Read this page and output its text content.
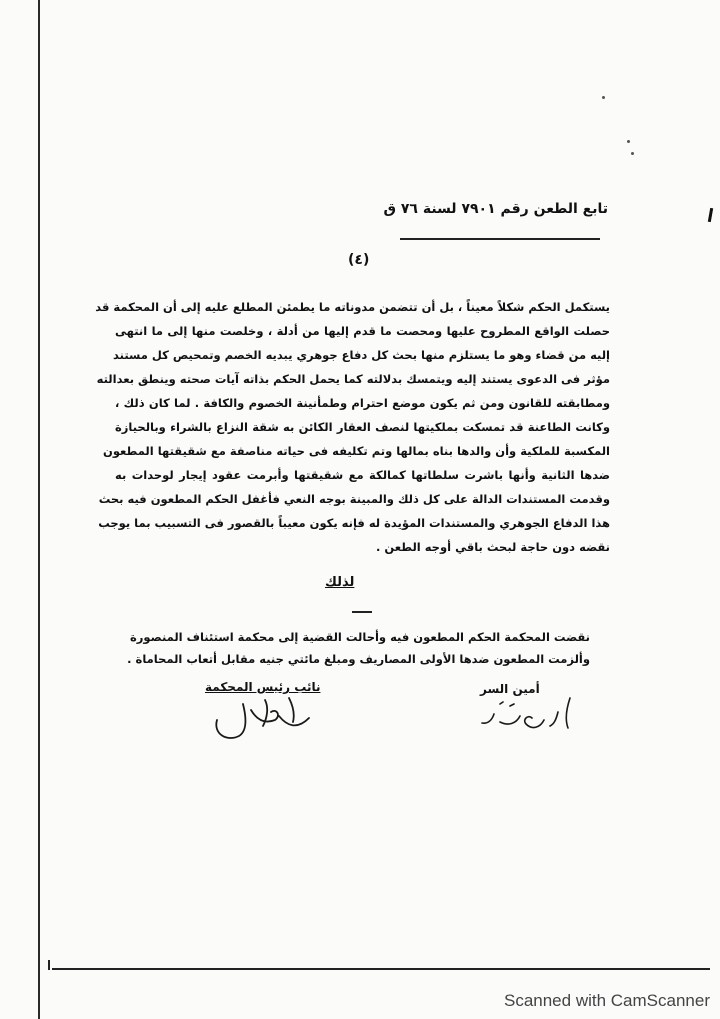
تابع الطعن رقم ٧٩٠١ لسنة ٧٦ ق
(٤)

يستكمل الحكم شكلاً معيناً ، بل أن تتضمن مدوناته ما يطمئن المطلع عليه إلى أن المحكمة قد

حصلت الواقع المطروح عليها ومحصت ما قدم إليها من أدلة ، وخلصت منها إلى ما انتهى

إليه من قضاء وهو ما يستلزم منها بحث كل دفاع جوهري يبديه الخصم وتمحيص كل مستند

مؤثر فى الدعوى يستند إليه ويتمسك بدلالته كما يحمل الحكم بذاته آيات صحته وينطق بعدالته

ومطابقته للقانون ومن ثم يكون موضع احترام وطمأنينة الخصوم والكافة . لما كان ذلك ،

وكانت الطاعنة قد تمسكت بملكيتها لنصف العقار الكائن به شقة النزاع بالشراء وبالحيازة

المكسبة للملكية وأن والدها بناه بمالها وتم تكليفه فى حياته مناصفة مع شقيقتها المطعون

ضدها الثانية وأنها باشرت سلطاتها كمالكة مع شقيقتها وأبرمت عقود إيجار لوحدات به

وقدمت المستندات الدالة على كل ذلك والمبينة بوجه النعي فأغفل الحكم المطعون فيه بحث

هذا الدفاع الجوهري والمستندات المؤيدة له فإنه يكون معيباً بالقصور فى التسبيب بما يوجب

نقضه دون حاجة لبحث باقي أوجه الطعن .

لذلك

نقضت المحكمة الحكم المطعون فيه وأحالت القضية إلى محكمة استئناف المنصورة

وألزمت المطعون ضدها الأولى المصاريف ومبلغ مائتي جنيه مقابل أتعاب المحاماة .

أمين السر
نائب رئيس المحكمة
Scanned with CamScanner
